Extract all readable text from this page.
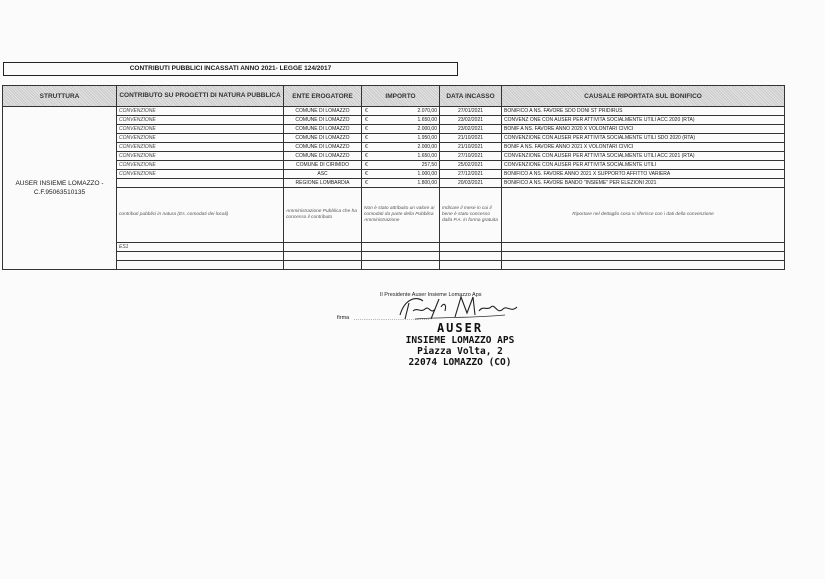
CONTRIBUTI PUBBLICI INCASSATI ANNO 2021- LEGGE 124/2017
STRUTTURA	CONTRIBUTO SU PROGETTI DI NATURA PUBBLICA	ENTE EROGATORE	IMPORTO	DATA INCASSO	CAUSALE RIPORTATA SUL BONIFICO
AUSER INSIEME LOMAZZO - C.F.95063510135	CONVENZIONE	COMUNE DI LOMAZZO	€ 2.070,00	27/01/2021	BONIFICO A NS. FAVORE SDO DONI ST PRIDIRUS
	CONVENZIONE	COMUNE DI LOMAZZO	€ 1.650,00	23/02/2021	CONVENZ ONE CON AUSER PER ATTIVITA SOCIALMENTE UTILI ACC 2020 (RTA)
	CONVENZIONE	COMUNE DI LOMAZZO	€ 2.000,00	23/02/2021	BONIF A NS. FAVORE ANNO 2020 X VOLONTARI CIVICI
	CONVENZIONE	COMUNE DI LOMAZZO	€ 1.950,00	21/10/2021	CONVENZIONE CON AUSER PER ATTIVITA SOCIALMENTE UTILI SDO 2020 (RTA)
	CONVENZIONE	COMUNE DI LOMAZZO	€ 2.000,00	21/10/2021	BONIF A NS. FAVORE ANNO 2021 X VOLONTARI CIVICI
	CONVENZIONE	COMUNE DI LOMAZZO	€ 1.650,00	27/10/2021	CONVENZIONE CON AUSER PER ATTIVITA SOCIALMENTE UTILI ACC 2021 (RTA)
	CONVENZIONE	COMUNE DI CIRIMIDO	€ 257,50	25/02/2021	CONVENZIONE CON AUSER PER ATTIVITA SOCIALMENTE UTILI
	CONVENZIONE	ASC	€ 1.000,00	27/12/2021	BONIFICO A NS. FAVORE ANNO 2021 X SUPPORTO AFFITTO VARIERA
		REGIONE LOMBARDIA	€ 1.800,00	20/03/2021	BONIFICO A NS. FAVORE BANDO "INSIEME" PER ELEZIONI 2021
	contributi pubblici in natura (Es. comodati dei locali)	Amministrazione Pubblica che ha concesso il contributo	Non è stato attribuito un valore ai comodati da parte della Pubblica Amministrazione	Indicare il mese in cui il bene è stato concesso dalla P.A. in forma gratuita	Riportare nel dettaglio cosa si riferisce con i dati della convenzione
	ES1				

Il Presidente Auser Insieme Lomazzo Aps
firma ........................................
AUSER
INSIEME LOMAZZO APS
Piazza Volta, 2
22074 LOMAZZO (CO)
